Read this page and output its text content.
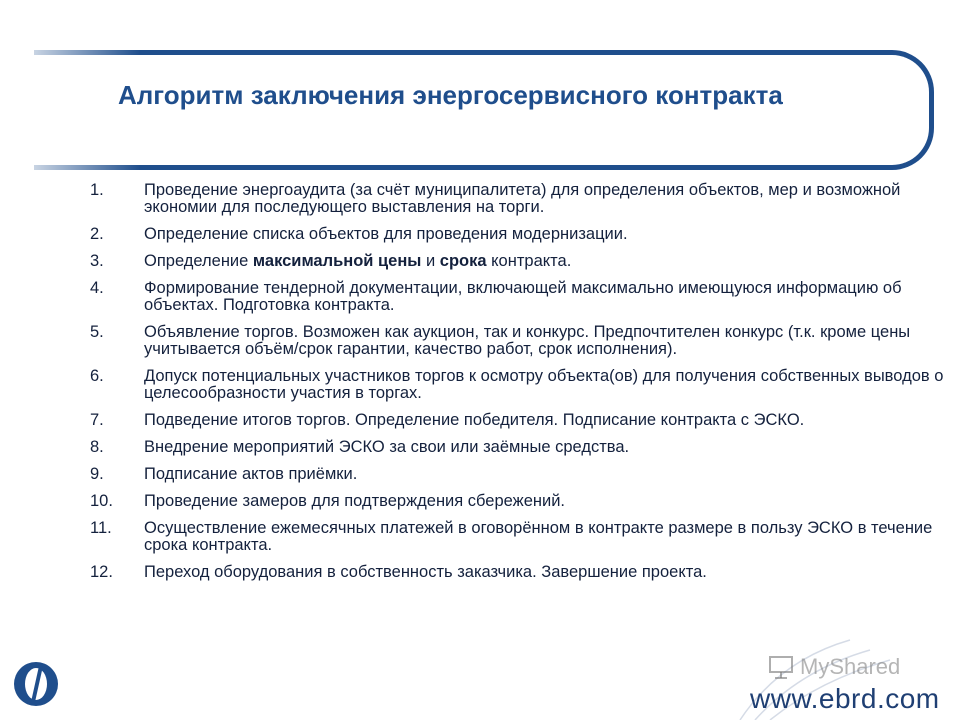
Алгоритм заключения энергосервисного контракта
1.	Проведение энергоаудита (за счёт муниципалитета) для определения объектов, мер и возможной экономии для последующего выставления на торги.
2.	Определение списка объектов для проведения модернизации.
3.	Определение максимальной цены и срока контракта.
4.	Формирование тендерной документации, включающей максимально имеющуюся информацию об объектах. Подготовка контракта.
5.	Объявление торгов. Возможен как аукцион, так и конкурс. Предпочтителен конкурс (т.к. кроме цены учитывается объём/срок гарантии, качество работ, срок исполнения).
6.	Допуск потенциальных участников торгов к осмотру объекта(ов) для получения собственных выводов о целесообразности участия в торгах.
7.	Подведение итогов торгов. Определение победителя. Подписание контракта с ЭСКО.
8.	Внедрение мероприятий ЭСКО за свои или заёмные средства.
9.	Подписание актов приёмки.
10.	Проведение замеров для подтверждения сбережений.
11.	Осуществление ежемесячных платежей в оговорённом в контракте размере в пользу ЭСКО в течение срока контракта.
12.	Переход оборудования в собственность заказчика. Завершение проекта.
MyShared
www.ebrd.com
